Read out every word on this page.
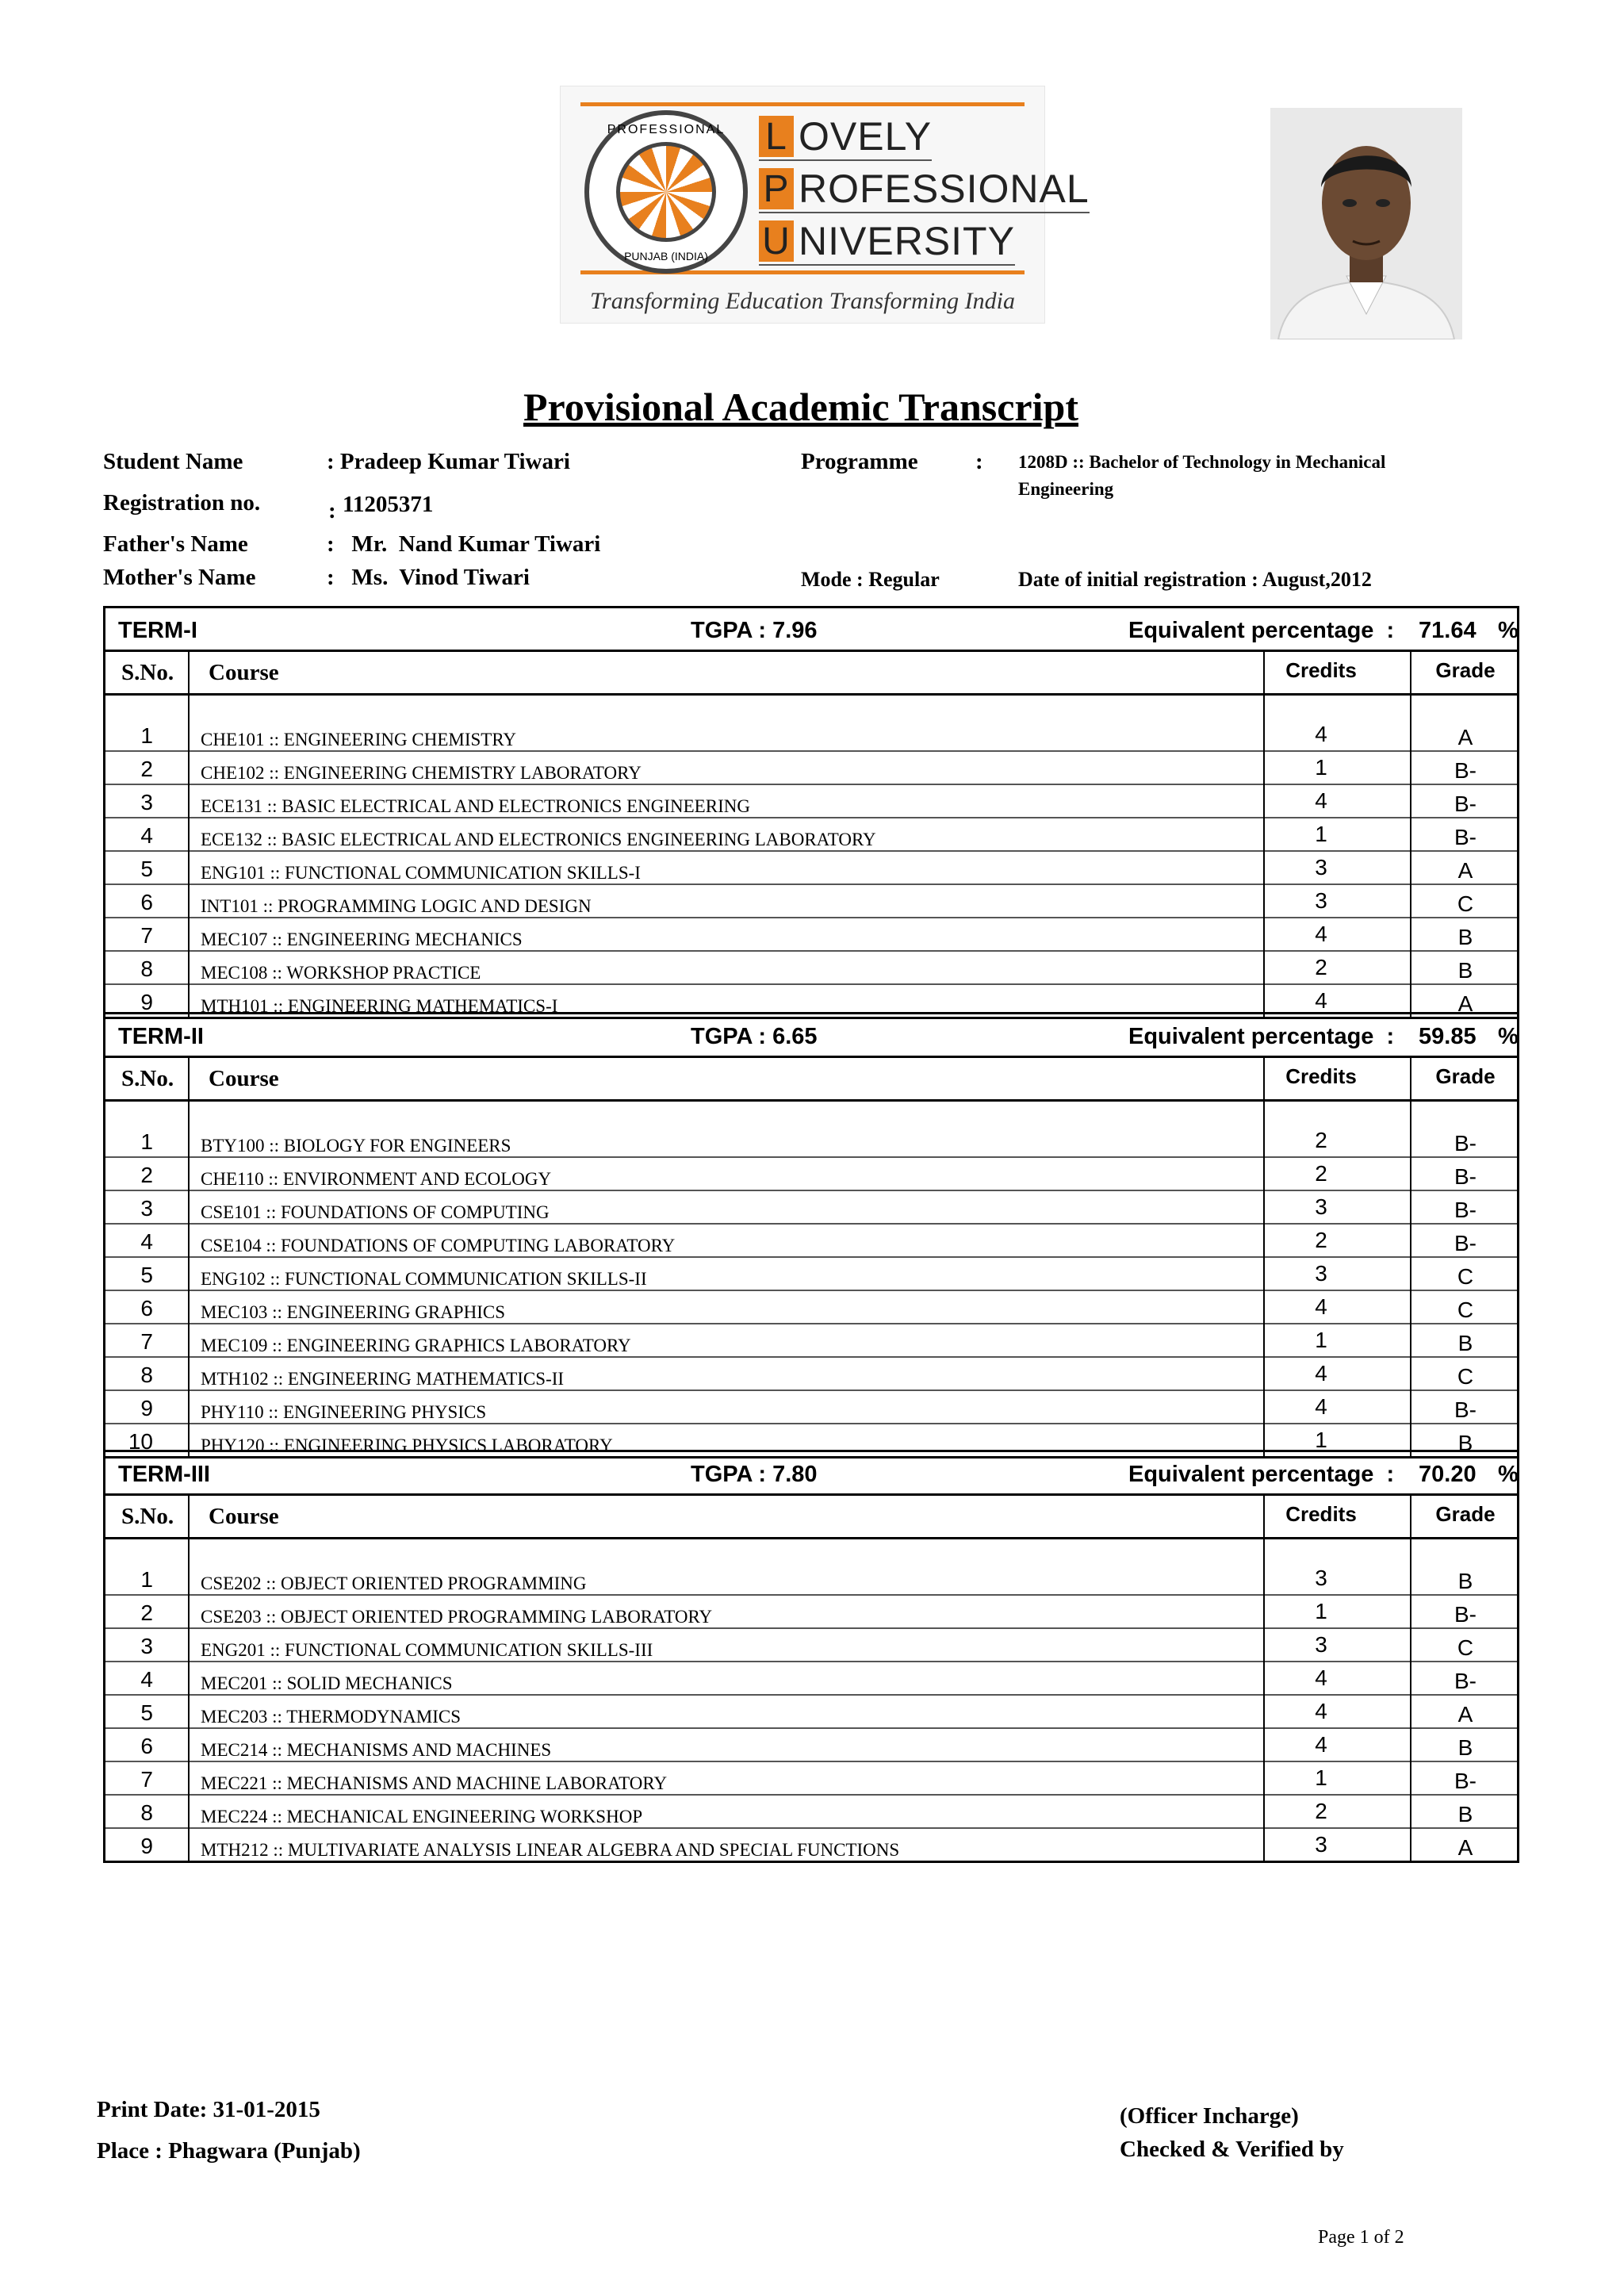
PROFESSIONAL
PUNJAB (INDIA)
L OVELY
P ROFESSIONAL
U NIVERSITY
Transforming Education Transforming India
Provisional Academic Transcript
Student Name	: Pradeep Kumar Tiwari
Registration no.	: 11205371
Father's Name	:   Mr.  Nand Kumar Tiwari
Mother's Name	:   Ms.  Vinod Tiwari
Programme : 1208D :: Bachelor of Technology in Mechanical
Engineering
Mode : Regular	Date of initial registration : August,2012
TERM-I	TGPA : 7.96	Equivalent percentage  : 71.64 %
S.No. Course	Credits	Grade
1	CHE101 :: ENGINEERING CHEMISTRY	4	A
2	CHE102 :: ENGINEERING CHEMISTRY LABORATORY	1	B-
3	ECE131 :: BASIC ELECTRICAL AND ELECTRONICS ENGINEERING	4	B-
4	ECE132 :: BASIC ELECTRICAL AND ELECTRONICS ENGINEERING LABORATORY	1	B-
5	ENG101 :: FUNCTIONAL COMMUNICATION SKILLS-I	3	A
6	INT101 :: PROGRAMMING LOGIC AND DESIGN	3	C
7	MEC107 :: ENGINEERING MECHANICS	4	B
8	MEC108 :: WORKSHOP PRACTICE	2	B
9	MTH101 :: ENGINEERING MATHEMATICS-I	4	A
TERM-II	TGPA : 6.65	Equivalent percentage  : 59.85 %
S.No. Course	Credits	Grade
1	BTY100 :: BIOLOGY FOR ENGINEERS	2	B-
2	CHE110 :: ENVIRONMENT AND ECOLOGY	2	B-
3	CSE101 :: FOUNDATIONS OF COMPUTING	3	B-
4	CSE104 :: FOUNDATIONS OF COMPUTING LABORATORY	2	B-
5	ENG102 :: FUNCTIONAL COMMUNICATION SKILLS-II	3	C
6	MEC103 :: ENGINEERING GRAPHICS	4	C
7	MEC109 :: ENGINEERING GRAPHICS LABORATORY	1	B
8	MTH102 :: ENGINEERING MATHEMATICS-II	4	C
9	PHY110 :: ENGINEERING PHYSICS	4	B-
10	PHY120 :: ENGINEERING PHYSICS LABORATORY	1	B
TERM-III	TGPA : 7.80	Equivalent percentage  : 70.20 %
S.No. Course	Credits	Grade
1	CSE202 :: OBJECT ORIENTED PROGRAMMING	3	B
2	CSE203 :: OBJECT ORIENTED PROGRAMMING LABORATORY	1	B-
3	ENG201 :: FUNCTIONAL COMMUNICATION SKILLS-III	3	C
4	MEC201 :: SOLID MECHANICS	4	B-
5	MEC203 :: THERMODYNAMICS	4	A
6	MEC214 :: MECHANISMS AND MACHINES	4	B
7	MEC221 :: MECHANISMS AND MACHINE LABORATORY	1	B-
8	MEC224 :: MECHANICAL ENGINEERING WORKSHOP	2	B
9	MTH212 :: MULTIVARIATE ANALYSIS LINEAR ALGEBRA AND SPECIAL FUNCTIONS	3	A
Print Date: 31-01-2015
Place : Phagwara (Punjab)
(Officer Incharge)
Checked & Verified by
Page 1 of 2
